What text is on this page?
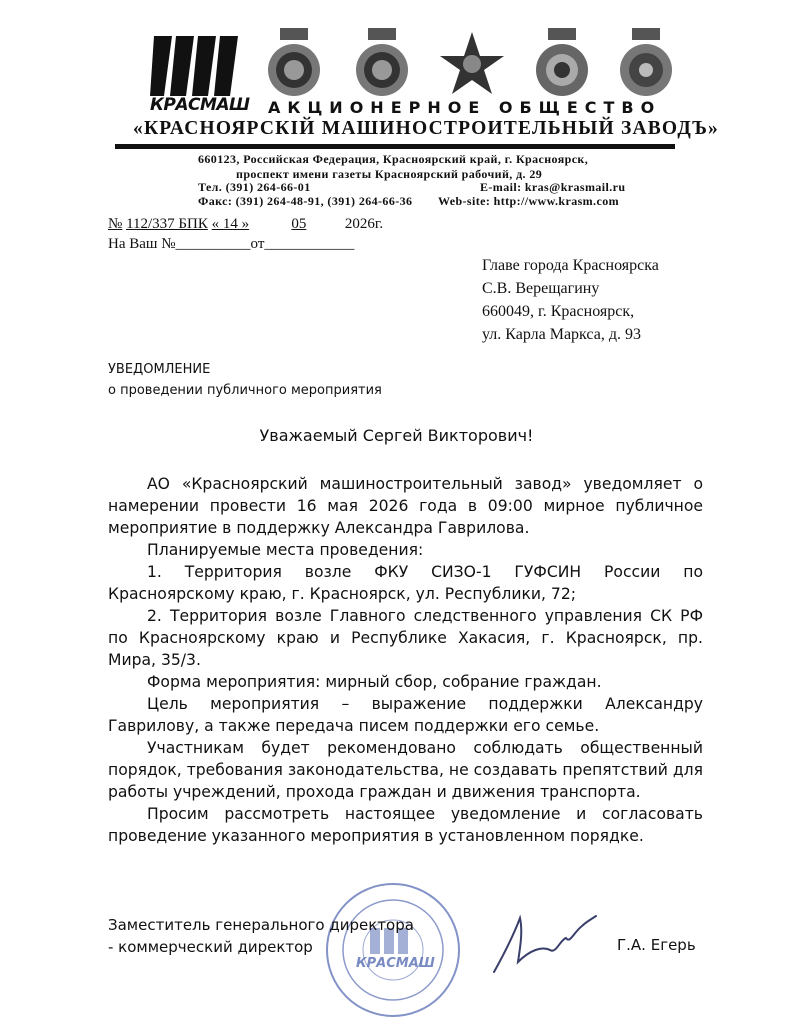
КРАСМАШ	АКЦИОНЕРНОЕ ОБЩЕСТВО
«КРАСНОЯРСКIЙ МАШИНОСТРОИТЕЛЬНЫЙ ЗАВОДЪ»
660123, Российская Федерация, Красноярский край, г. Красноярск,
проспект имени газеты Красноярский рабочий, д. 29
Тел. (391) 264-66-01	E-mail: kras@krasmail.ru
Факс: (391) 264-48-91, (391) 264-66-36 Web-site: http://www.krasm.com
№ 112/337 БПК « 14 »	05	2026г.
На Ваш №__________от____________
Главе города Красноярска
С.В. Верещагину
660049, г. Красноярск,
ул. Карла Маркса, д. 93
УВЕДОМЛЕНИЕ
о проведении публичного мероприятия
Уважаемый Сергей Викторович!

АО «Красноярский машиностроительный завод» уведомляет о намерении провести 16 мая 2026 года в 09:00 мирное публичное мероприятие в поддержку Александра Гаврилова.

Планируемые места проведения:

1. Территория возле ФКУ СИЗО-1 ГУФСИН России по Красноярскому краю, г. Красноярск, ул. Республики, 72;

2. Территория возле Главного следственного управления СК РФ по Красноярскому краю и Республике Хакасия, г. Красноярск, пр. Мира, 35/3.

Форма мероприятия: мирный сбор, собрание граждан.

Цель мероприятия – выражение поддержки Александру Гаврилову, а также передача писем поддержки его семье.

Участникам будет рекомендовано соблюдать общественный порядок, требования законодательства, не создавать препятствий для работы учреждений, прохода граждан и движения транспорта.

Просим рассмотреть настоящее уведомление и согласовать проведение указанного мероприятия в установленном порядке.

КРАСМАШ
Заместитель генерального директора
- коммерческий директор	Г.А. Егерь
